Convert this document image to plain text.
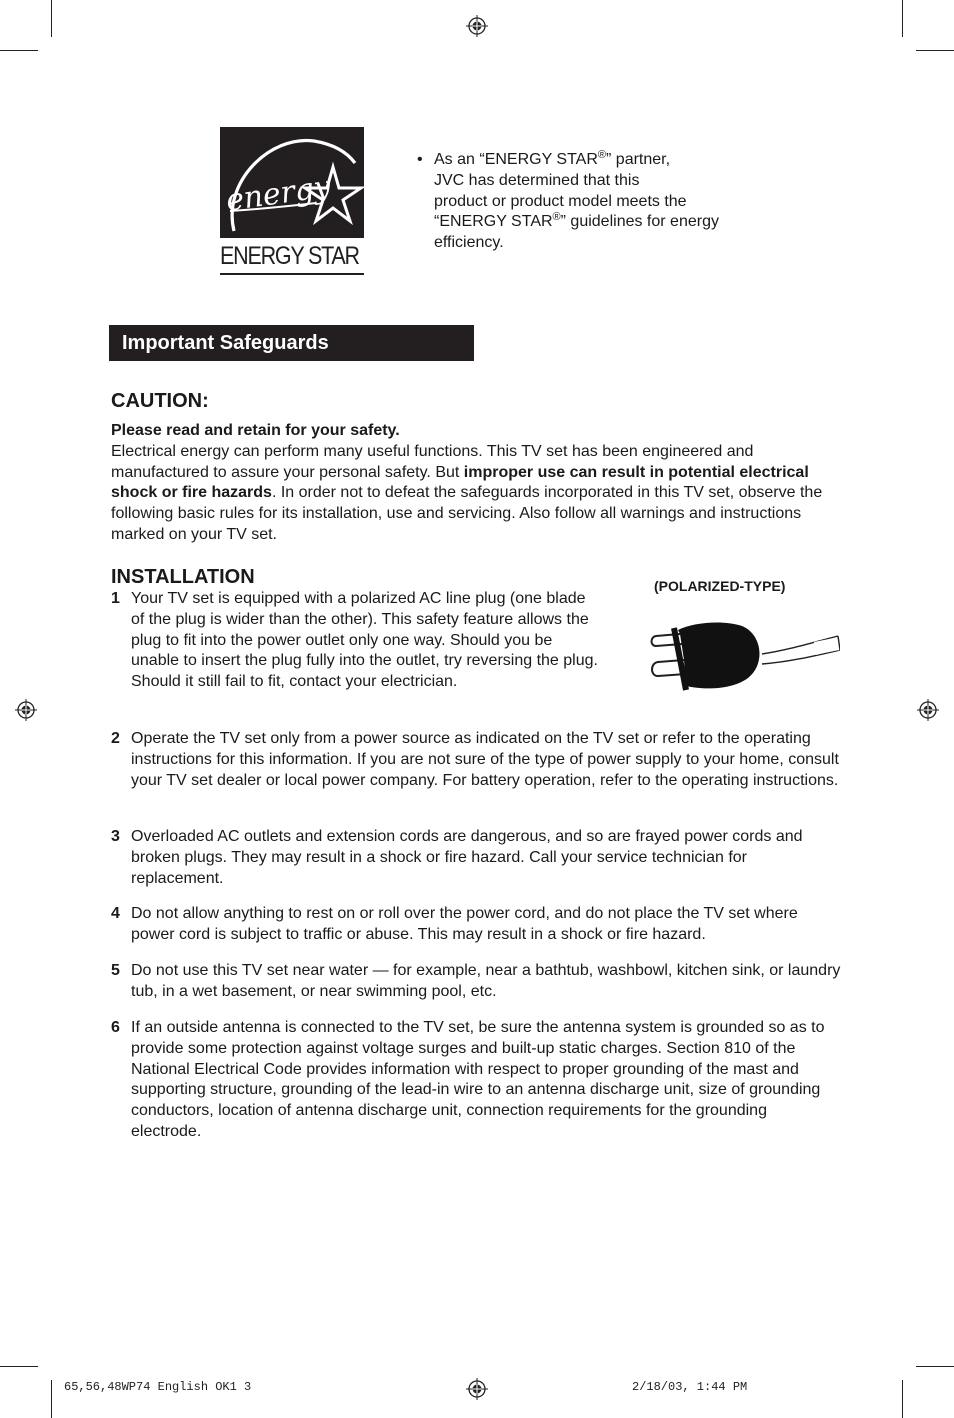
energy
ENERGY STAR
• As an “ENERGY STAR®” partner,
JVC has determined that this
product or product model meets the
“ENERGY STAR®” guidelines for energy
efficiency.
Important Safeguards
CAUTION:
Please read and retain for your safety.
Electrical energy can perform many useful functions. This TV set has been engineered and manufactured to assure your personal safety. But improper use can result in potential electrical shock or fire hazards. In order not to defeat the safeguards incorporated in this TV set, observe the following basic rules for its installation, use and servicing. Also follow all warnings and instructions marked on your TV set.
INSTALLATION	(POLARIZED-TYPE)
1 Your TV set is equipped with a polarized AC line plug (one blade of the plug is wider than the other). This safety feature allows the plug to fit into the power outlet only one way. Should you be unable to insert the plug fully into the outlet, try reversing the plug. Should it still fail to fit, contact your electrician.
2 Operate the TV set only from a power source as indicated on the TV set or refer to the operating instructions for this information. If you are not sure of the type of power supply to your home, consult your TV set dealer or local power company. For battery operation, refer to the operating instructions.
3 Overloaded AC outlets and extension cords are dangerous, and so are frayed power cords and broken plugs. They may result in a shock or fire hazard. Call your service technician for replacement.
4 Do not allow anything to rest on or roll over the power cord, and do not place the TV set where power cord is subject to traffic or abuse. This may result in a shock or fire hazard.
5 Do not use this TV set near water — for example, near a bathtub, washbowl, kitchen sink, or laundry tub, in a wet basement, or near swimming pool, etc.
6 If an outside antenna is connected to the TV set, be sure the antenna system is grounded so as to provide some protection against voltage surges and built-up static charges. Section 810 of the National Electrical Code provides information with respect to proper grounding of the mast and supporting structure, grounding of the lead-in wire to an antenna discharge unit, size of grounding conductors, location of antenna discharge unit, connection requirements for the grounding electrode.
65,56,48WP74 English OK1 3	2/18/03, 1:44 PM
